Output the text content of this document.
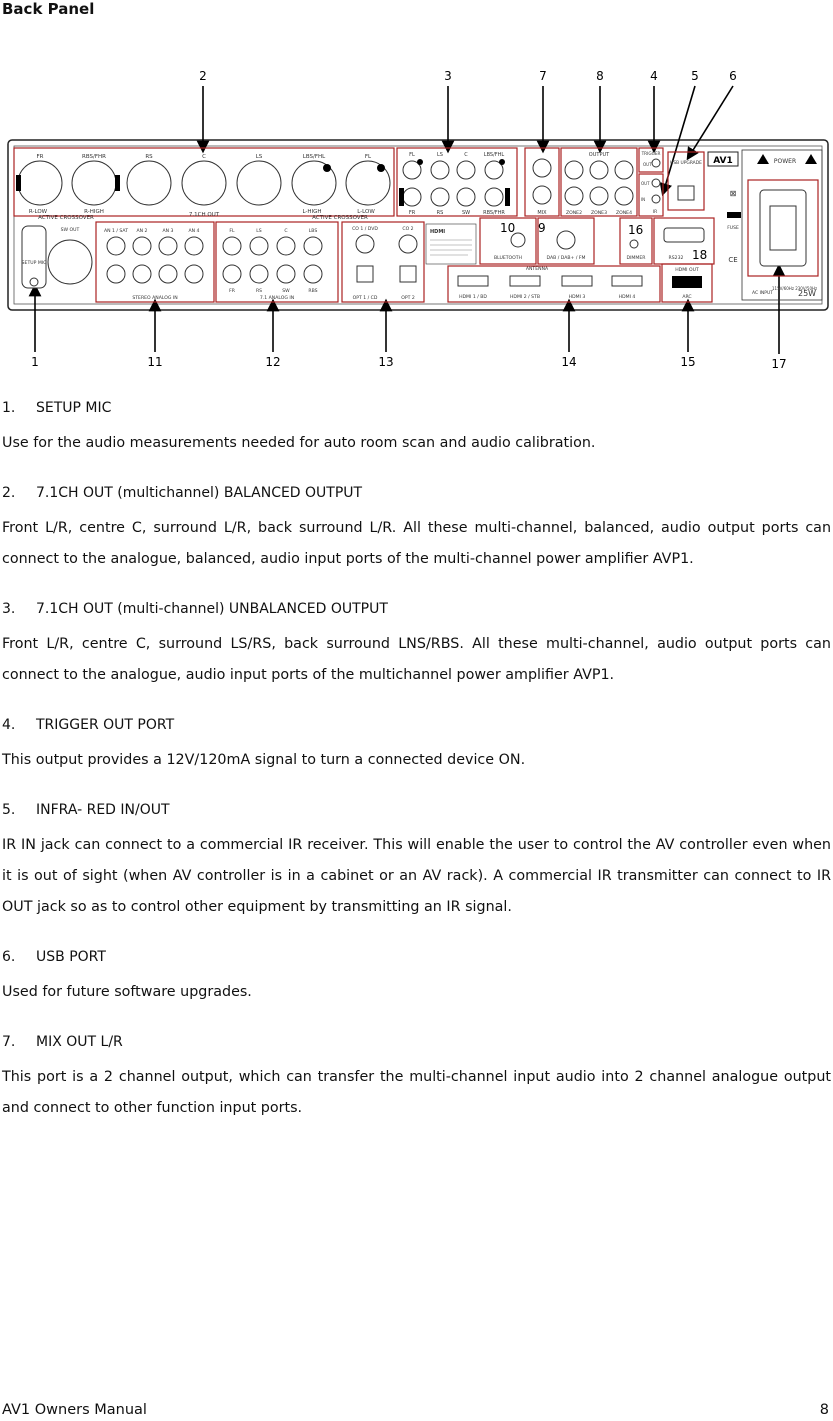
Back Panel
2	3	7	8	4	5	6
1	11	12	13	14	15	17
FR	RBS/FHR	RS	C	LS	LBS/FHL	FL
R-LOW	R-HIGH	L-HIGH	L-LOW
7.1CH OUT
ACTIVE CROSSOVER	ACTIVE CROSSOVER
FL	LS	C	LBS/FHL
FR	RS	SW	RBS/FHR	MIX
OUTPUT
ZONE2 ZONE3 ZONE4
TRIGGER
OUT
OUT
IN
IR
USB UPGRADE AV1	POWER
⊠
FUSE
CE
AC INPUT
115V/60Hz 230V/50Hz
25W
SETUP MIC
SW OUT	AN 1 / SAT AN 2	AN 3	AN 4
STEREO ANALOG IN
FL	LS	C	LBS
FR	RS	SW	RBS
7.1 ANALOG IN
CO 1 / DVD	CO 2
OPT 1 / CD	OPT 2
HDMI	10
BLUETOOTH
9
DAB / DAB+ / FM
ANTENNA
16
DIMMER	RS232 18
HDMI 1 / BD	HDMI 2 / STB	HDMI 3	HDMI 4
HDMI OUT
ARC
1. SETUP MIC

Use for the audio measurements needed for auto room scan and audio calibration.

2. 7.1CH OUT (multichannel) BALANCED OUTPUT

Front L/R, centre C, surround L/R, back surround L/R. All these multi-channel, balanced, audio output ports can connect to the analogue, balanced, audio input ports of the multi-channel power amplifier AVP1.

3. 7.1CH OUT (multi-channel) UNBALANCED OUTPUT

Front L/R, centre C, surround LS/RS, back surround LNS/RBS. All these multi-channel, audio output ports can connect to the analogue, audio input ports of the multichannel power amplifier AVP1.

4. TRIGGER OUT PORT

This output provides a 12V/120mA signal to turn a connected device ON.

5. INFRA- RED IN/OUT

IR IN jack can connect to a commercial IR receiver. This will enable the user to control the AV controller even when it is out of sight (when AV controller is in a cabinet or an AV rack). A commercial IR transmitter can connect to IR OUT jack so as to control other equipment by transmitting an IR signal.

6. USB PORT

Used for future software upgrades.

7. MIX OUT L/R

This port is a 2 channel output, which can transfer the multi-channel input audio into 2 channel analogue output and connect to other function input ports.

AV1 Owners Manual	8
